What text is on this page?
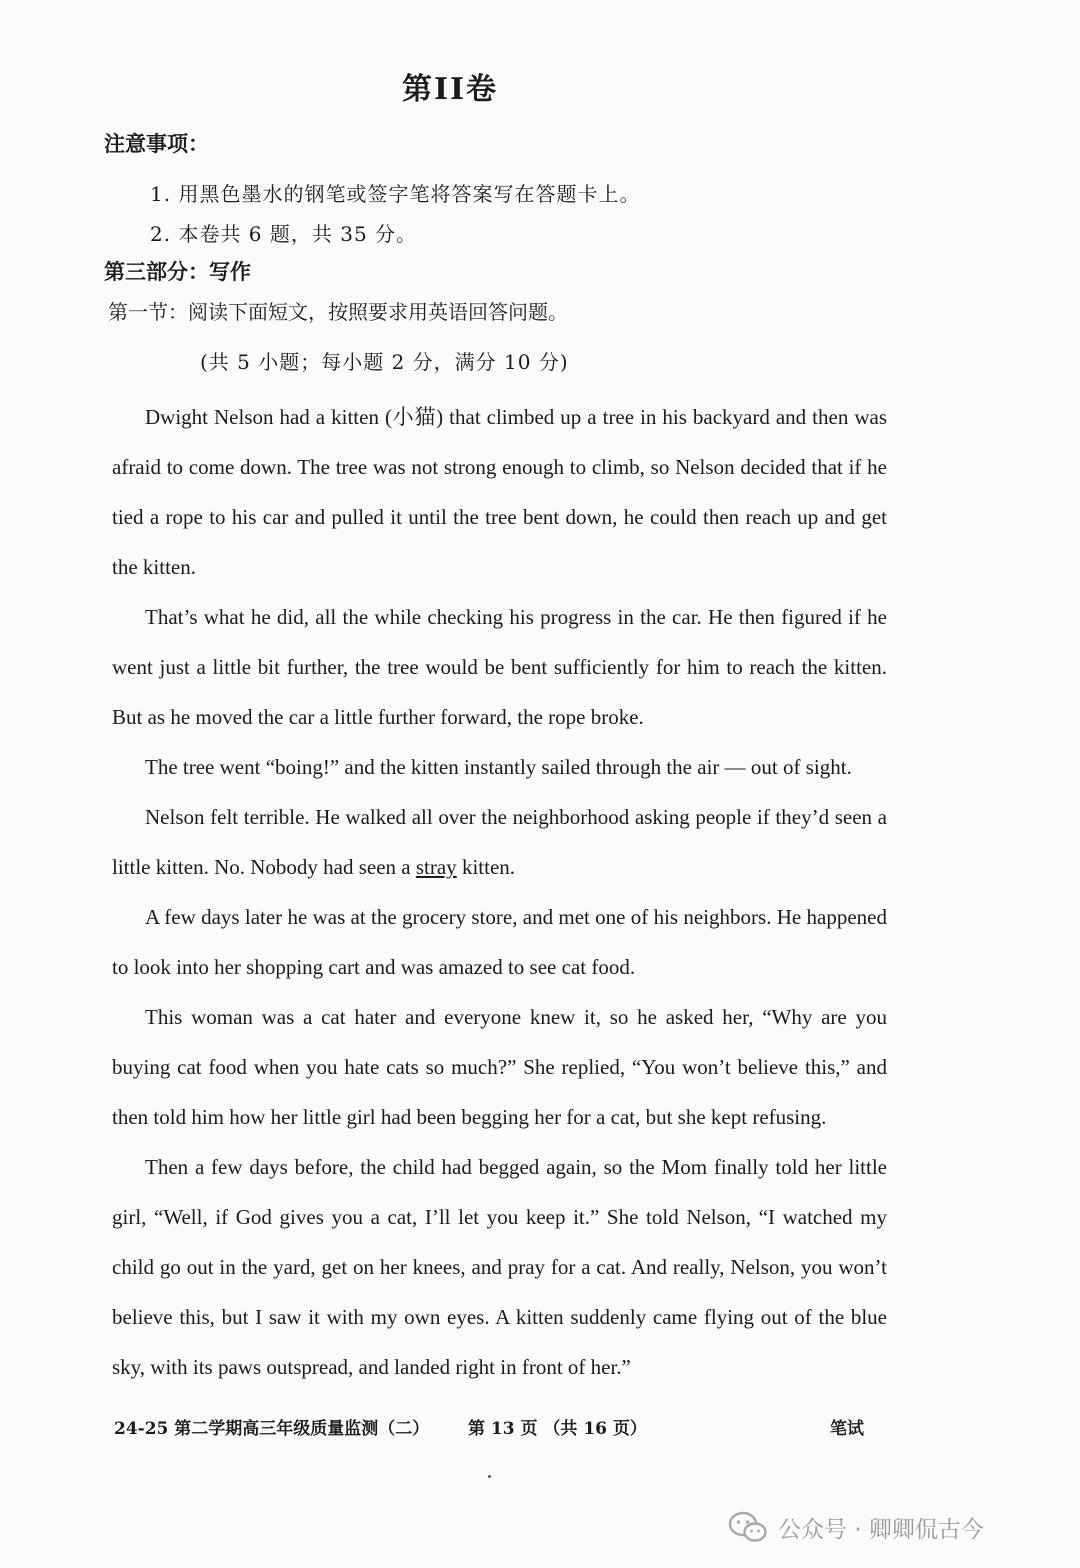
第II卷
注意事项：
1. 用黑色墨水的钢笔或签字笔将答案写在答题卡上。
2. 本卷共 6 题，共 35 分。
第三部分：写作
第一节：阅读下面短文，按照要求用英语回答问题。
(共 5 小题；每小题 2 分，满分 10 分)

Dwight Nelson had a kitten (小猫) that climbed up a tree in his backyard and then was afraid to come down. The tree was not strong enough to climb, so Nelson decided that if he tied a rope to his car and pulled it until the tree bent down, he could then reach up and get the kitten.

That’s what he did, all the while checking his progress in the car. He then figured if he went just a little bit further, the tree would be bent sufficiently for him to reach the kitten. But as he moved the car a little further forward, the rope broke.

The tree went “boing!” and the kitten instantly sailed through the air — out of sight.

Nelson felt terrible. He walked all over the neighborhood asking people if they’d seen a little kitten. No. Nobody had seen a stray kitten.

A few days later he was at the grocery store, and met one of his neighbors. He happened to look into her shopping cart and was amazed to see cat food.

This woman was a cat hater and everyone knew it, so he asked her, “Why are you buying cat food when you hate cats so much?” She replied, “You won’t believe this,” and then told him how her little girl had been begging her for a cat, but she kept refusing.

Then a few days before, the child had begged again, so the Mom finally told her little girl, “Well, if God gives you a cat, I’ll let you keep it.” She told Nelson, “I watched my child go out in the yard, get on her knees, and pray for a cat. And really, Nelson, you won’t believe this, but I saw it with my own eyes. A kitten suddenly came flying out of the blue sky, with its paws outspread, and landed right in front of her.”

24-25 第二学期高三年级质量监测（二） 第 13 页 （共 16 页）	笔试
公众号 · 卿卿侃古今
